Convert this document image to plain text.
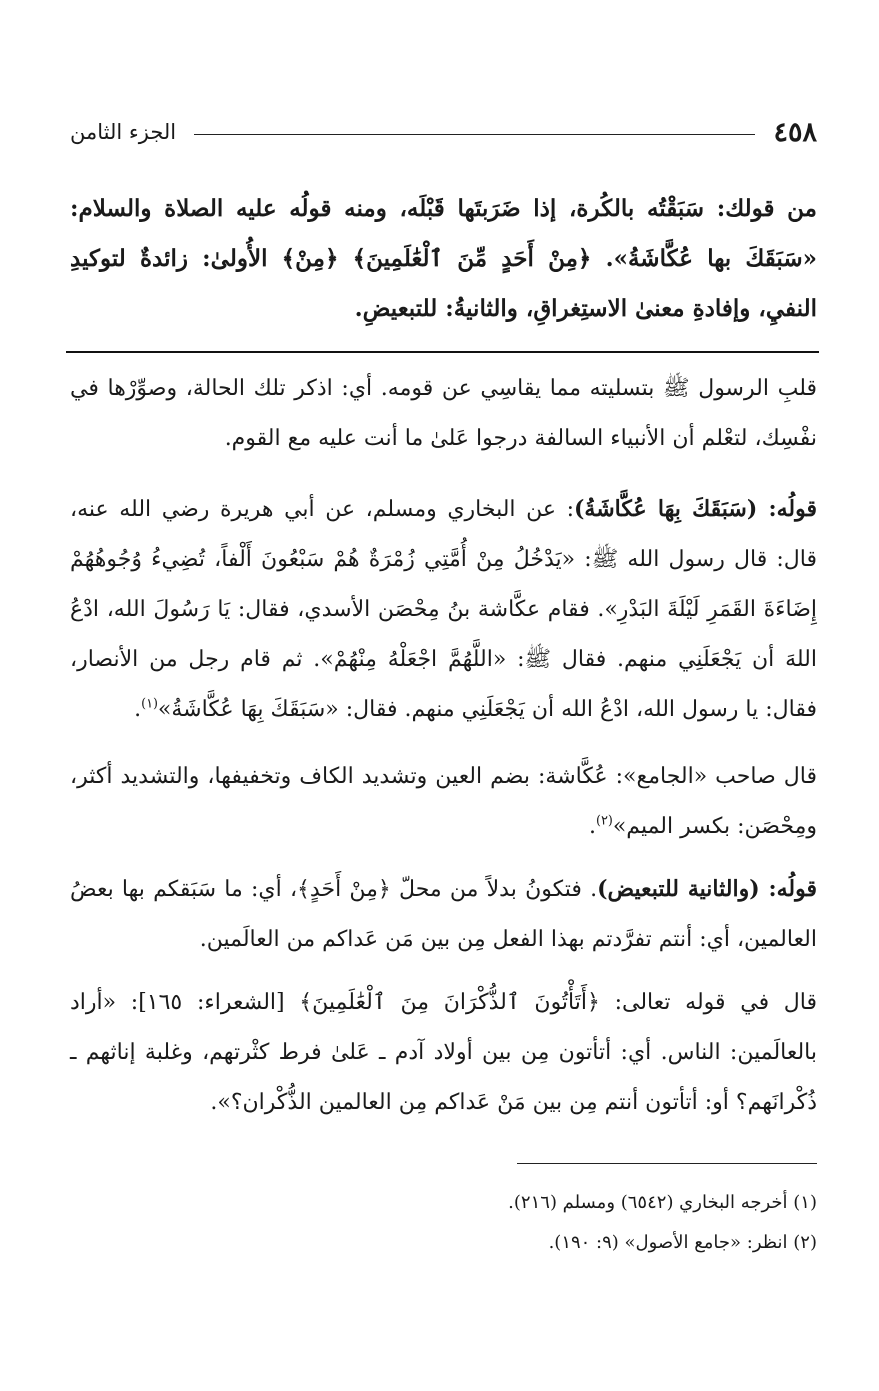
٤٥٨
الجزء الثامن

من قولك: سَبَقْتُه بالكُرة، إذا ضَرَبتَها قَبْلَه، ومنه قولُه عليه الصلاة والسلام: «سَبَقَكَ بها عُكَّاشَةُ». ﴿مِنْ أَحَدٍ مِّنَ ٱلْعَٰلَمِينَ﴾ ﴿مِنْ﴾ الأُولىٰ: زائدةٌ لتوكيدِ النفيِ، وإفادةِ معنىٰ الاستِغراقِ، والثانيةُ: للتبعيضِ.

قلبِ الرسول ﷺ بتسليته مما يقاسِي عن قومه. أي: اذكر تلك الحالة، وصوِّرْها في نفْسِك، لتعْلم أن الأنبياء السالفة درجوا عَلىٰ ما أنت عليه مع القوم.

قولُه: (سَبَقَكَ بِهَا عُكَّاشَةُ): عن البخاري ومسلم، عن أبي هريرة رضي الله عنه، قال: قال رسول الله ﷺ: «يَدْخُلُ مِنْ أُمَّتِي زُمْرَةٌ هُمْ سَبْعُونَ أَلْفاً، تُضِيءُ وُجُوهُهُمْ إِضَاءَةَ القَمَرِ لَيْلَةَ البَدْرِ». فقام عكَّاشة بنُ مِحْصَن الأسدي، فقال: يَا رَسُولَ الله، ادْعُ اللهَ أن يَجْعَلَنِي منهم. فقال ﷺ: «اللَّهُمَّ اجْعَلْهُ مِنْهُمْ». ثم قام رجل من الأنصار، فقال: يا رسول الله، ادْعُ الله أن يَجْعَلَنِي منهم. فقال: «سَبَقَكَ بِهَا عُكَّاشَةُ»$^{(١)}$.

قال صاحب «الجامع»: عُكَّاشة: بضم العين وتشديد الكاف وتخفيفها، والتشديد أكثر، ومِحْصَن: بكسر الميم»$^{(٢)}$.

قولُه: (والثانية للتبعيض). فتكونُ بدلاً من محلّ ﴿مِنْ أَحَدٍ﴾، أي: ما سَبَقكم بها بعضُ العالمين، أي: أنتم تفرَّدتم بهذا الفعل مِن بين مَن عَداكم من العالَمين.

قال في قوله تعالى: ﴿أَتَأْتُونَ ٱلذُّكْرَانَ مِنَ ٱلْعَٰلَمِينَ﴾ [الشعراء: ١٦٥]: «أراد بالعالَمين: الناس. أي: أتأتون مِن بين أولاد آدم ـ عَلىٰ فرط كثْرتهم، وغلبة إناثهم ـ ذُكْرانَهم؟ أو: أتأتون أنتم مِن بين مَنْ عَداكم مِن العالمين الذُّكْران؟».

(١) أخرجه البخاري (٦٥٤٢) ومسلم (٢١٦).

(٢) انظر: «جامع الأصول» (٩: ١٩٠).
